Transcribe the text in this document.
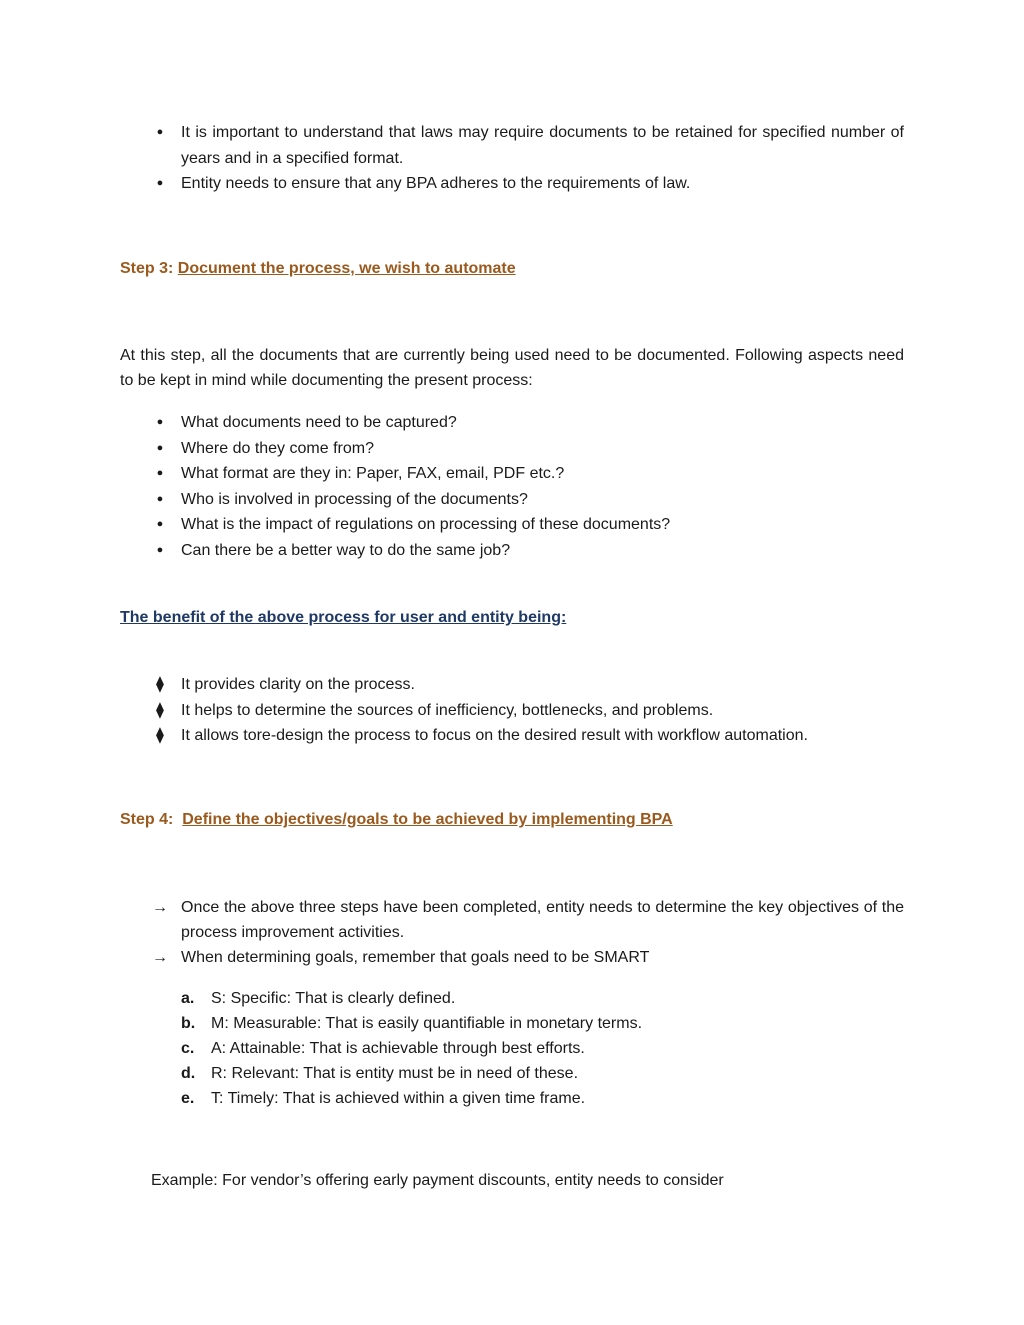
●	It is important to understand that laws may require documents to be retained for specified number of years and in a specified format.
●	Entity needs to ensure that any BPA adheres to the requirements of law.
Step 3: Document the process, we wish to automate
At this step, all the documents that are currently being used need to be documented. Following aspects need to be kept in mind while documenting the present process:
●	What documents need to be captured?
●	Where do they come from?
●	What format are they in: Paper, FAX, email, PDF etc.?
●	Who is involved in processing of the documents?
●	What is the impact of regulations on processing of these documents?
●	Can there be a better way to do the same job?
The benefit of the above process for user and entity being:
⧫	It provides clarity on the process.
⧫	It helps to determine the sources of inefficiency, bottlenecks, and problems.
⧫	It allows tore-design the process to focus on the desired result with workflow automation.
Step 4: Define the objectives/goals to be achieved by implementing BPA
→ Once the above three steps have been completed, entity needs to determine the key objectives of the process improvement activities.
→ When determining goals, remember that goals need to be SMART
a. S: Specific: That is clearly defined.
b. M: Measurable: That is easily quantifiable in monetary terms.
c. A: Attainable: That is achievable through best efforts.
d. R: Relevant: That is entity must be in need of these.
e. T: Timely: That is achieved within a given time frame.
Example: For vendor’s offering early payment discounts, entity needs to consider
